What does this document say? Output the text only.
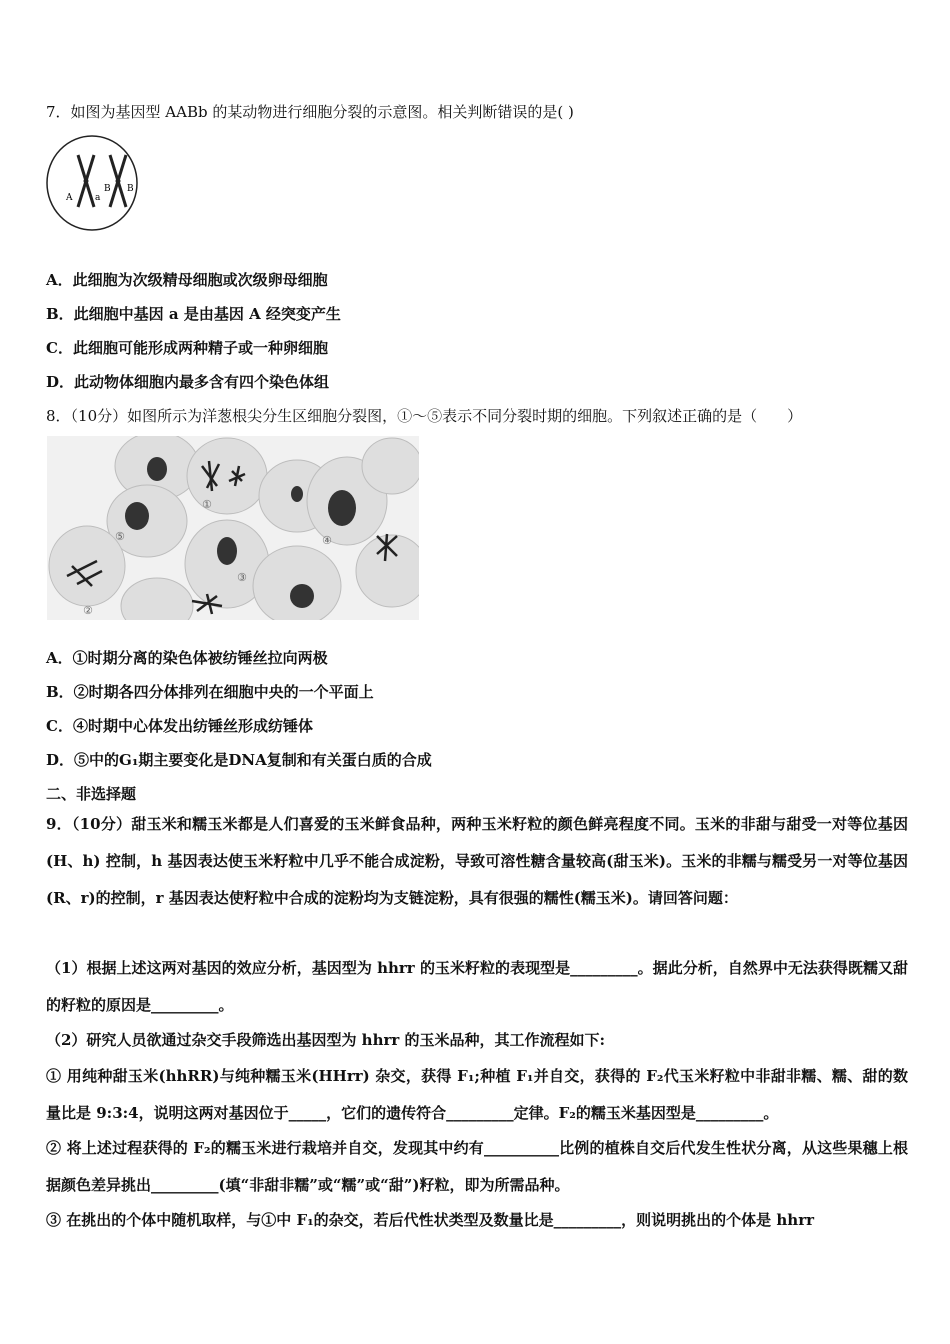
7．如图为基因型 AABb 的某动物进行细胞分裂的示意图。相关判断错误的是( )
A	a
B B
A．此细胞为次级精母细胞或次级卵母细胞
B．此细胞中基因 a 是由基因 A 经突变产生
C．此细胞可能形成两种精子或一种卵细胞
D．此动物体细胞内最多含有四个染色体组
8．（10分）如图所示为洋葱根尖分生区细胞分裂图，①～⑤表示不同分裂时期的细胞。下列叙述正确的是（　　）
①
②
③
④
⑤
A．①时期分离的染色体被纺锤丝拉向两极
B．②时期各四分体排列在细胞中央的一个平面上
C．④时期中心体发出纺锤丝形成纺锤体
D．⑤中的G₁期主要变化是DNA复制和有关蛋白质的合成
二、非选择题
9．（10分）甜玉米和糯玉米都是人们喜爱的玉米鲜食品种，两种玉米籽粒的颜色鲜亮程度不同。玉米的非甜与甜受一对等位基因(H、h) 控制，h 基因表达使玉米籽粒中几乎不能合成淀粉，导致可溶性糖含量较高(甜玉米)。玉米的非糯与糯受另一对等位基因 (R、r)的控制，r 基因表达使籽粒中合成的淀粉均为支链淀粉，具有很强的糯性(糯玉米)。请回答问题：
（1）根据上述这两对基因的效应分析，基因型为 hhrr 的玉米籽粒的表现型是_________。据此分析，自然界中无法获得既糯又甜的籽粒的原因是_________。
（2）研究人员欲通过杂交手段筛选出基因型为 hhrr 的玉米品种，其工作流程如下:
① 用纯种甜玉米(hhRR)与纯种糯玉米(HHrr) 杂交，获得 F₁;种植 F₁并自交，获得的 F₂代玉米籽粒中非甜非糯、糯、甜的数量比是 9:3:4，说明这两对基因位于_____，它们的遗传符合_________定律。F₂的糯玉米基因型是_________。
② 将上述过程获得的 F₂的糯玉米进行栽培并自交，发现其中约有__________比例的植株自交后代发生性状分离，从这些果穗上根据颜色差异挑出_________(填“非甜非糯”或“糯”或“甜”)籽粒，即为所需品种。
③ 在挑出的个体中随机取样，与①中 F₁的杂交，若后代性状类型及数量比是_________，则说明挑出的个体是 hhrr
